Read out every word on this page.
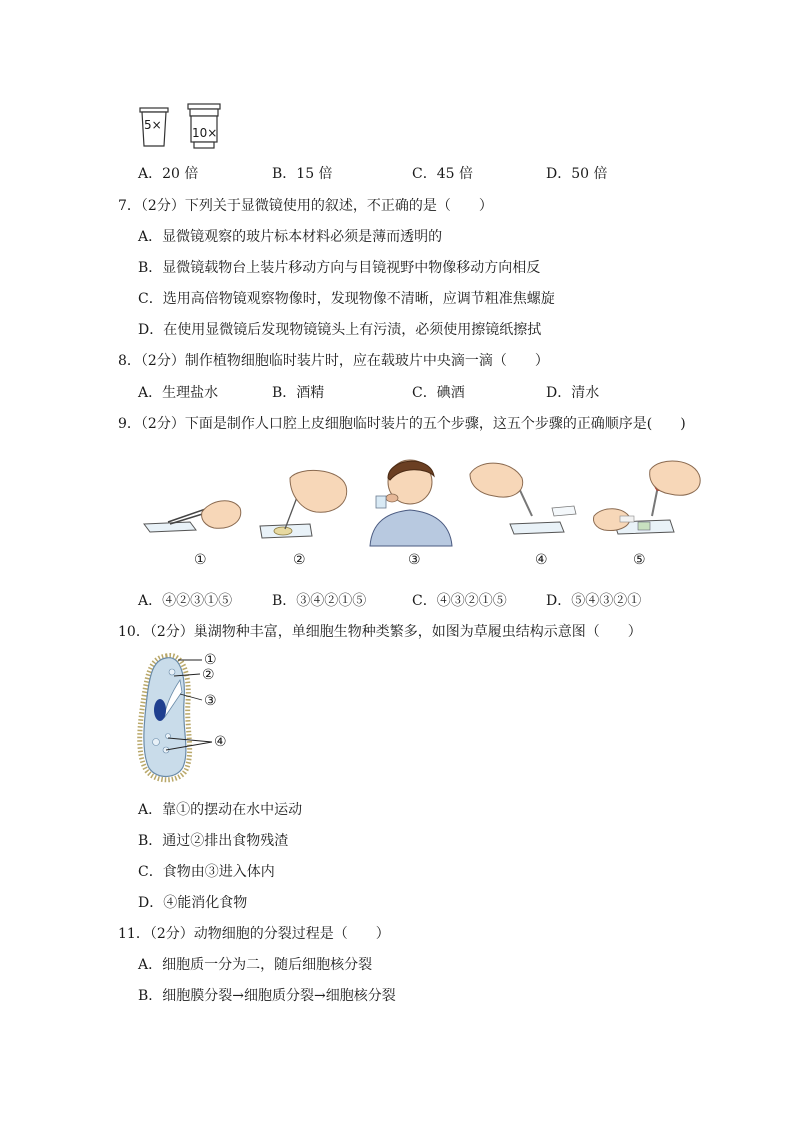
5×
10×
A．20 倍	B．15 倍	C．45 倍	D．50 倍
7．（2分）下列关于显微镜使用的叙述，不正确的是（　　）
A．显微镜观察的玻片标本材料必须是薄而透明的
B．显微镜载物台上装片移动方向与目镜视野中物像移动方向相反
C．选用高倍物镜观察物像时，发现物像不清晰，应调节粗准焦螺旋
D．在使用显微镜后发现物镜镜头上有污渍，必须使用擦镜纸擦拭
8．（2分）制作植物细胞临时装片时，应在载玻片中央滴一滴（　　）
A．生理盐水	B．酒精	C．碘酒	D．清水
9．（2分）下面是制作人口腔上皮细胞临时装片的五个步骤，这五个步骤的正确顺序是(　　)
①	②	③	④	⑤
A．④②③①⑤	B．③④②①⑤	C．④③②①⑤	D．⑤④③②①
10．（2分）巢湖物种丰富，单细胞生物种类繁多，如图为草履虫结构示意图（　　）
①
②
③
④
A．靠①的摆动在水中运动
B．通过②排出食物残渣
C．食物由③进入体内
D．④能消化食物
11．（2分）动物细胞的分裂过程是（　　）
A．细胞质一分为二，随后细胞核分裂
B．细胞膜分裂→细胞质分裂→细胞核分裂
